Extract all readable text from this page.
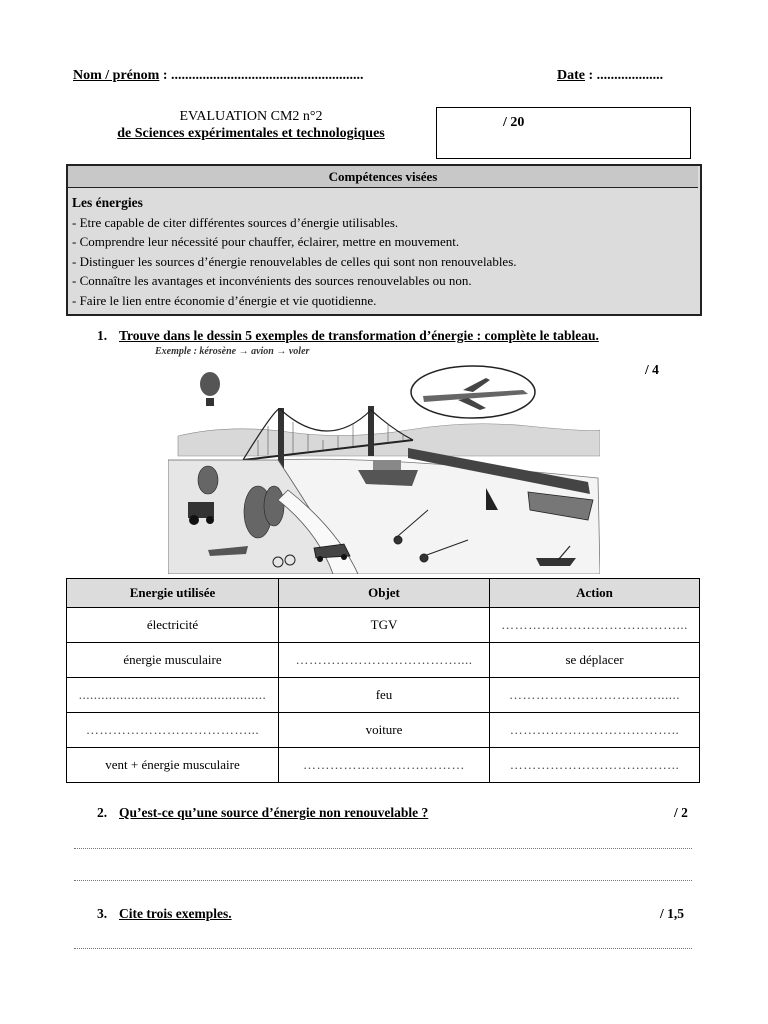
Nom / prénom : .......................................................	Date : ...................
EVALUATION CM2 n°2
de Sciences expérimentales et technologiques
/ 20
Compétences visées
Les énergies
- Etre capable de citer différentes sources d’énergie utilisables.
- Comprendre leur nécessité pour chauffer, éclairer, mettre en mouvement.
- Distinguer les sources d’énergie renouvelables de celles qui sont non renouvelables.
- Connaître les avantages et inconvénients des sources renouvelables ou non.
- Faire le lien entre économie d’énergie et vie quotidienne.
1. Trouve dans le dessin 5 exemples de transformation d’énergie : complète le tableau.
Exemple : kérosène → avion → voler
/ 4
Energie utilisée	Objet	Action
électricité	TGV	…………………………………...
énergie musculaire	………………………………....	se déplacer
..................................................	feu	……………………………......
………………………………...	voiture	………………………………..
vent + énergie musculaire	………………………………	………………………………..
2. Qu’est-ce qu’une source d’énergie non renouvelable ?	/ 2
3. Cite trois exemples.	/ 1,5
